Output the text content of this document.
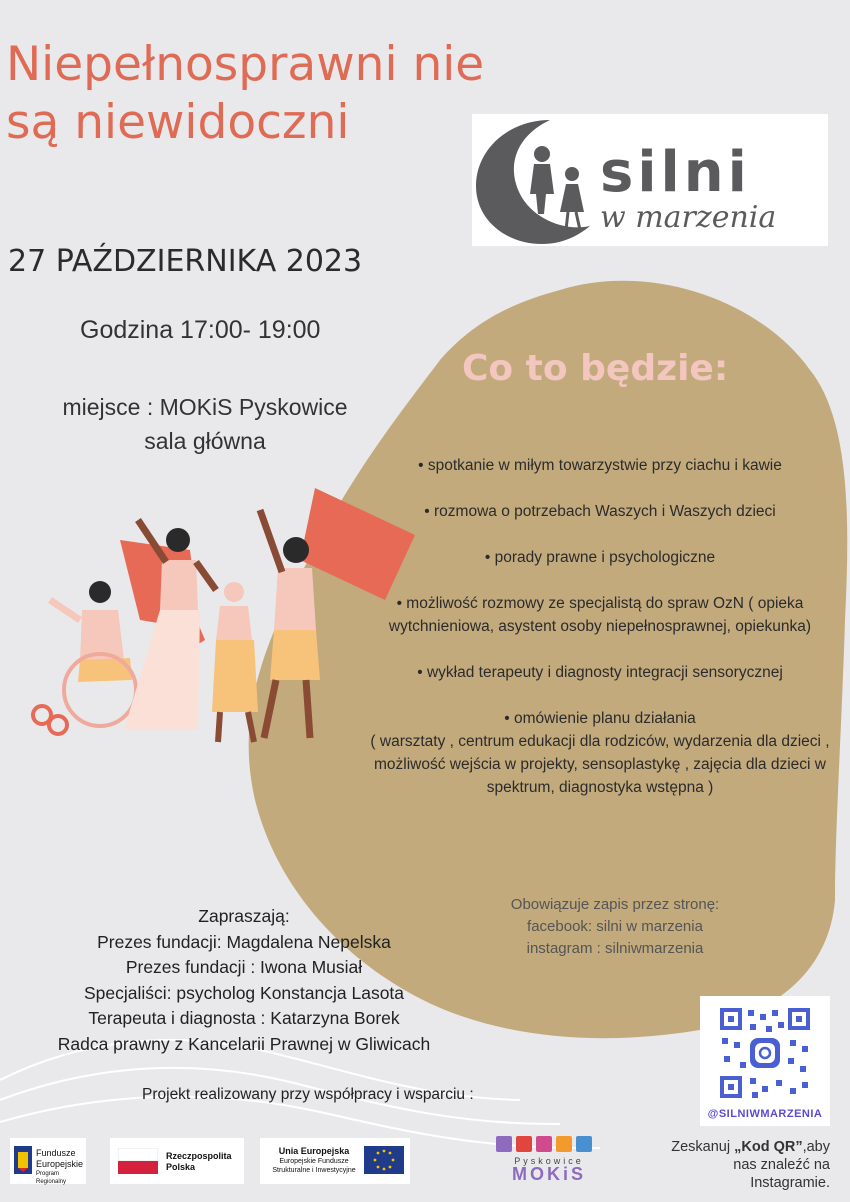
Niepełnosprawni nie
są niewidoczni
silni
w marzenia
27 PAŹDZIERNIKA 2023
Godzina 17:00- 19:00
miejsce : MOKiS Pyskowice
sala główna
Co to będzie:

• spotkanie w miłym towarzystwie przy ciachu i kawie

• rozmowa o potrzebach Waszych i Waszych dzieci

• porady prawne i psychologiczne

• możliwość rozmowy ze specjalistą do spraw OzN ( opieka wytchnieniowa, asystent osoby niepełnosprawnej, opiekunka)

• wykład terapeuty i diagnosty integracji sensorycznej

• omówienie planu działania
( warsztaty , centrum edukacji dla rodziców, wydarzenia dla dzieci , możliwość wejścia w projekty, sensoplastykę , zajęcia dla dzieci w spektrum, diagnostyka wstępna )
Obowiązuje zapis przez stronę:
facebook: silni w marzenia
instagram : silniwmarzenia
Zapraszają:
Prezes fundacji: Magdalena Nepelska
Prezes fundacji : Iwona Musiał
Specjaliści: psycholog Konstancja Lasota
Terapeuta i diagnosta : Katarzyna Borek
Radca prawny z Kancelarii Prawnej w Gliwicach
Projekt realizowany przy współpracy i wsparciu :
@SILNIWMARZENIA
Zeskanuj „Kod QR”,aby
nas znaleźć na
Instagramie.
Fundusze
Europejskie
Program Regionalny
Rzeczpospolita
Polska
Unia Europejska
Europejskie Fundusze
Strukturalne i Inwestycyjne
Pyskowice
MOKiS
